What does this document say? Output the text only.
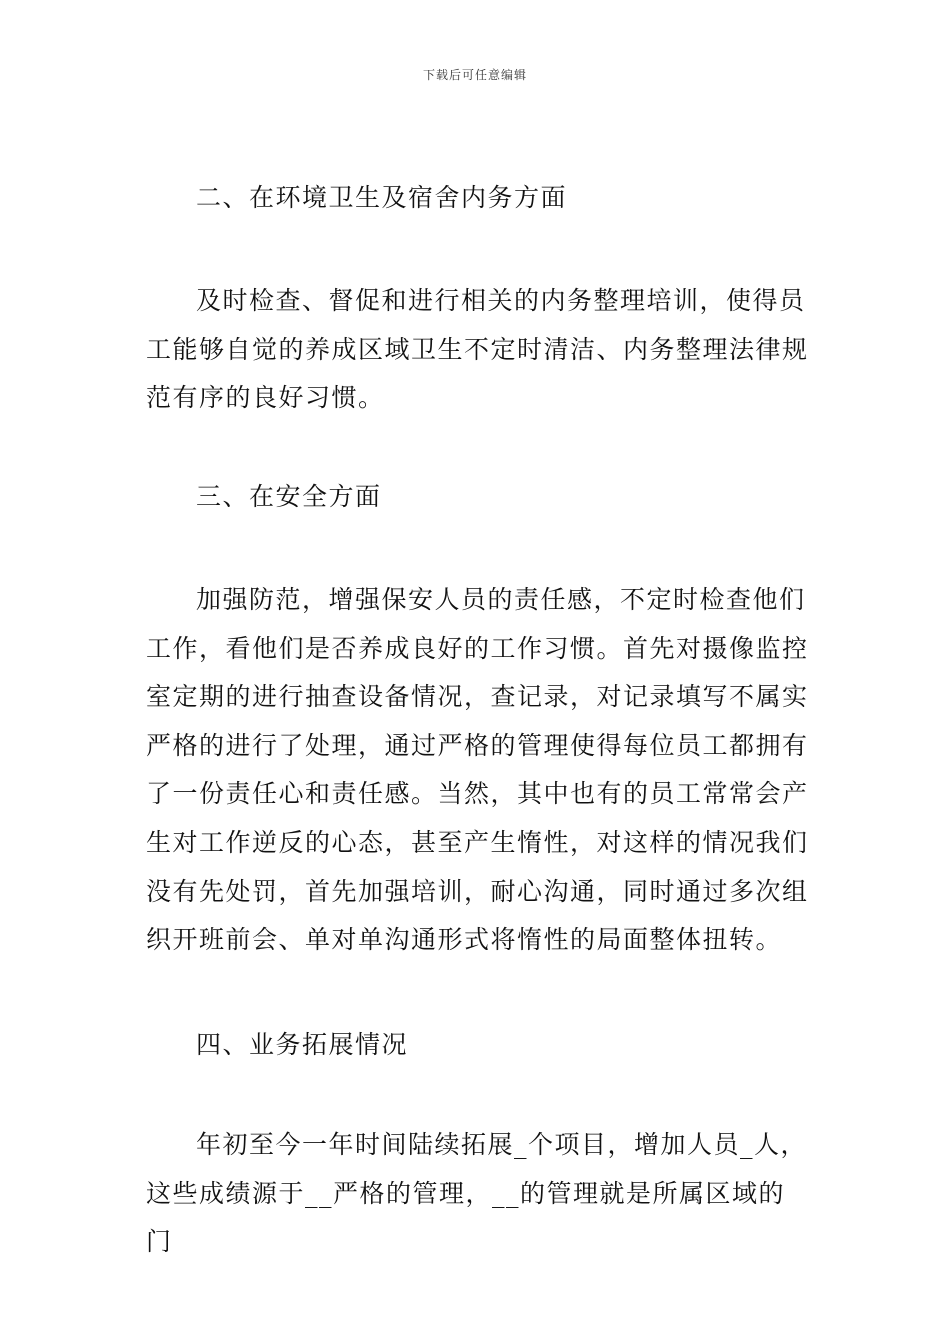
下载后可任意编辑

二、在环境卫生及宿舍内务方面

及时检查、督促和进行相关的内务整理培训，使得员工能够自觉的养成区域卫生不定时清洁、内务整理法律规范有序的良好习惯。

三、在安全方面

加强防范，增强保安人员的责任感，不定时检查他们工作，看他们是否养成良好的工作习惯。首先对摄像监控室定期的进行抽查设备情况，查记录，对记录填写不属实严格的进行了处理，通过严格的管理使得每位员工都拥有了一份责任心和责任感。当然，其中也有的员工常常会产生对工作逆反的心态，甚至产生惰性，对这样的情况我们没有先处罚，首先加强培训，耐心沟通，同时通过多次组织开班前会、单对单沟通形式将惰性的局面整体扭转。

四、业务拓展情况

年初至今一年时间陆续拓展_个项目，增加人员_人，这些成绩源于__严格的管理，__的管理就是所属区域的门
